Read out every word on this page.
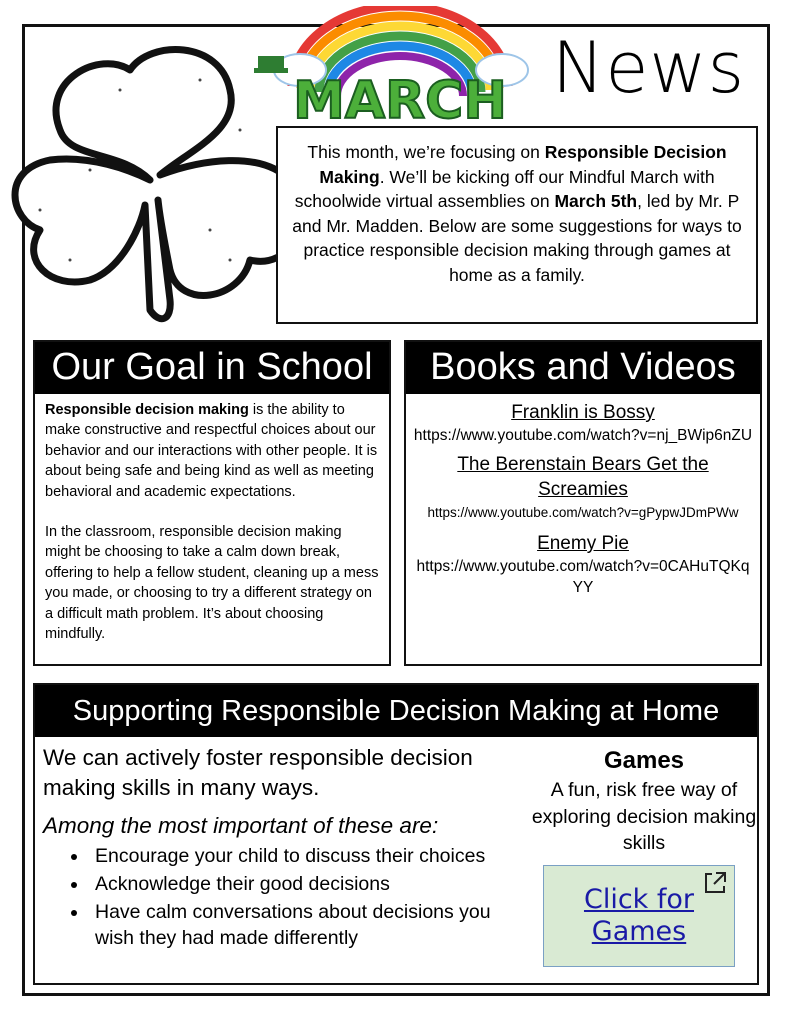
MARCH News
This month, we’re focusing on Responsible Decision Making. We’ll be kicking off our Mindful March with schoolwide virtual assemblies on March 5th, led by Mr. P and Mr. Madden. Below are some suggestions for ways to practice responsible decision making through games at home as a family.
Our Goal in School

Responsible decision making is the ability to make constructive and respectful choices about our behavior and our interactions with other people. It is about being safe and being kind as well as meeting behavioral and academic expectations.

In the classroom, responsible decision making might be choosing to take a calm down break, offering to help a fellow student, cleaning up a mess you made, or choosing to try a different strategy on a difficult math problem. It’s about choosing mindfully.

Books and Videos
Franklin is Bossy
https://www.youtube.com/watch?v=nj_BWip6nZU
The Berenstain Bears Get the Screamies
https://www.youtube.com/watch?v=gPypwJDmPWw
Enemy Pie
https://www.youtube.com/watch?v=0CAHuTQKqYY
Supporting Responsible Decision Making at Home
We can actively foster responsible decision making skills in many ways.
Among the most important of these are:
• Encourage your child to discuss their choices
• Acknowledge their good decisions
• Have calm conversations about decisions you wish they had made differently
Games
A fun, risk free way of exploring decision making skills
Click for Games
